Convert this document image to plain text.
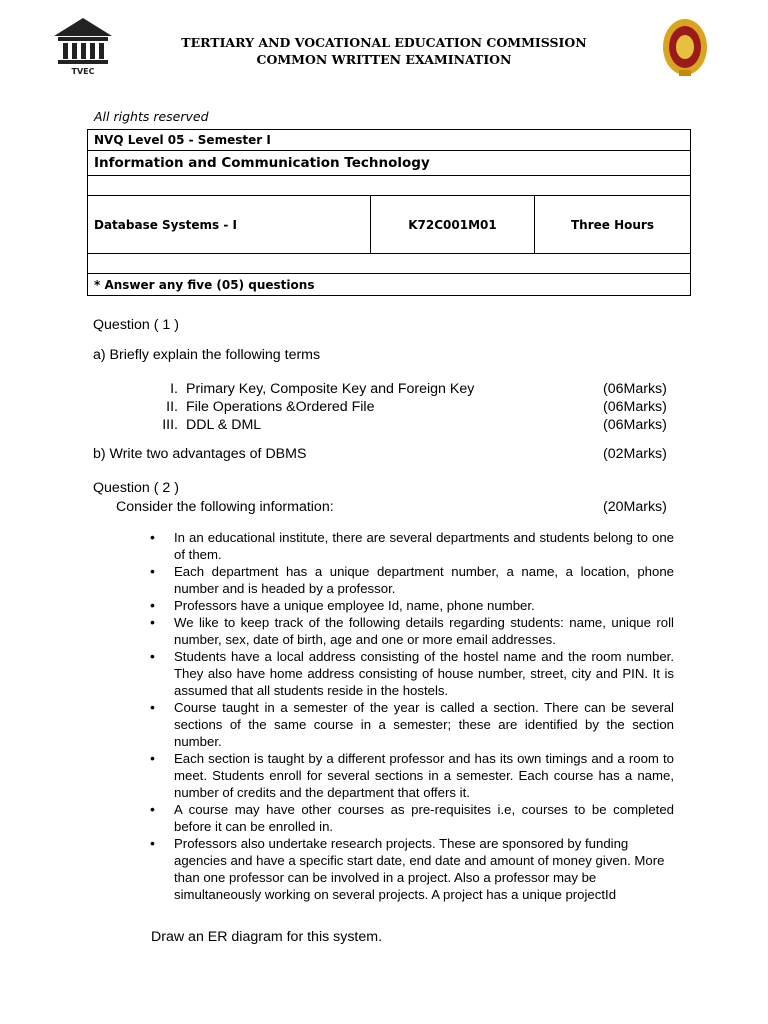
TVEC
TERTIARY AND VOCATIONAL EDUCATION COMMISSION
COMMON WRITTEN EXAMINATION
All rights reserved
NVQ Level 05 - Semester I
Information and Communication Technology

Database Systems - I	K72C001M01	Three Hours

* Answer any five (05) questions
Question ( 1 )
a) Briefly explain the following terms
I. Primary Key, Composite Key and Foreign Key	(06Marks)
II. File Operations &Ordered File	(06Marks)
III. DDL & DML	(06Marks)
b) Write two advantages of DBMS	(02Marks)
Question ( 2 )
Consider the following information:	(20Marks)
• In an educational institute, there are several departments and students belong to one of them.
• Each department has a unique department number, a name, a location, phone number and is headed by a professor.
• Professors have a unique employee Id, name, phone number.
• We like to keep track of the following details regarding students: name, unique roll number, sex, date of birth, age and one or more email addresses.
• Students have a local address consisting of the hostel name and the room number. They also have home address consisting of house number, street, city and PIN. It is assumed that all students reside in the hostels.
• Course taught in a semester of the year is called a section. There can be several sections of the same course in a semester; these are identified by the section number.
• Each section is taught by a different professor and has its own timings and a room to meet. Students enroll for several sections in a semester. Each course has a name, number of credits and the department that offers it.
• A course may have other courses as pre-requisites i.e, courses to be completed before it can be enrolled in.
• Professors also undertake research projects. These are sponsored by funding agencies and have a specific start date, end date and amount of money given. More than one professor can be involved in a project. Also a professor may be simultaneously working on several projects. A project has a unique projectId
Draw an ER diagram for this system.
